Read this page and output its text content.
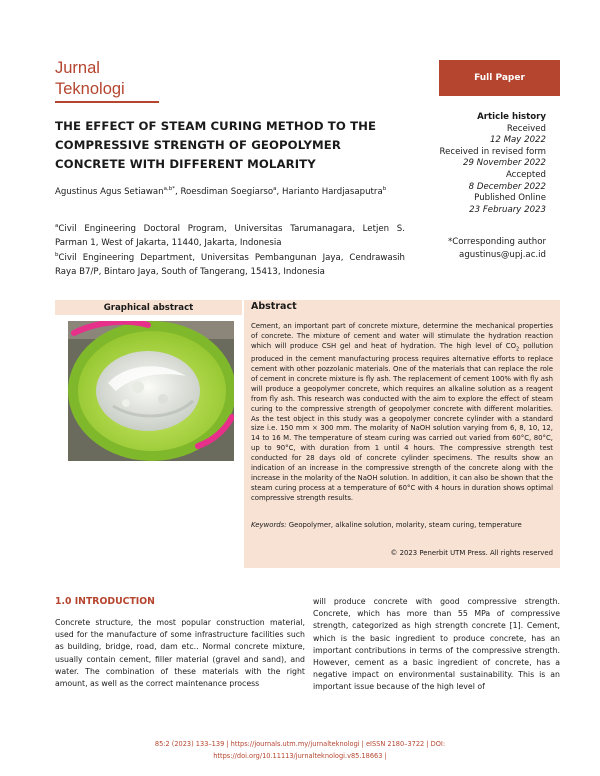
Jurnal
Teknologi
Full Paper
THE EFFECT OF STEAM CURING METHOD TO THE COMPRESSIVE STRENGTH OF GEOPOLYMER CONCRETE WITH DIFFERENT MOLARITY
Agustinus Agus Setiawan$^{a,b*}$, Roesdiman Soegiarso$^a$, Harianto Hardjasaputra$^b$

$^a$Civil Engineering Doctoral Program, Universitas Tarumanagara, Letjen S. Parman 1, West of Jakarta, 11440, Jakarta, Indonesia

$^b$Civil Engineering Department, Universitas Pembangunan Jaya, Cendrawasih Raya B7/P, Bintaro Jaya, South of Tangerang, 15413, Indonesia

Article history
Received
12 May 2022
Received in revised form
29 November 2022
Accepted
8 December 2022
Published Online
23 February 2023
*Corresponding author
agustinus@upj.ac.id
Graphical abstract	Abstract
Cement, an important part of concrete mixture, determine the mechanical properties of concrete. The mixture of cement and water will stimulate the hydration reaction which will produce CSH gel and heat of hydration. The high level of $CO_2$ pollution produced in the cement manufacturing process requires alternative efforts to replace cement with other pozzolanic materials. One of the materials that can replace the role of cement in concrete mixture is fly ash. The replacement of cement 100% with fly ash will produce a geopolymer concrete, which requires an alkaline solution as a reagent from fly ash. This research was conducted with the aim to explore the effect of steam curing to the compressive strength of geopolymer concrete with different molarities. As the test object in this study was a geopolymer concrete cylinder with a standard size i.e. 150 mm × 300 mm. The molarity of NaOH solution varying from 6, 8, 10, 12, 14 to 16 M. The temperature of steam curing was carried out varied from 60°C, 80°C, up to 90°C, with duration from 1 until 4 hours. The compressive strength test conducted for 28 days old of concrete cylinder specimens. The results show an indication of an increase in the compressive strength of the concrete along with the increase in the molarity of the NaOH solution. In addition, it can also be shown that the steam curing process at a temperature of 60°C with 4 hours in duration shows optimal compressive strength results.
Keywords: Geopolymer, alkaline solution, molarity, steam curing, temperature
© 2023 Penerbit UTM Press. All rights reserved
1.0 INTRODUCTION
Concrete structure, the most popular construction material, used for the manufacture of some infrastructure facilities such as building, bridge, road, dam etc.. Normal concrete mixture, usually contain cement, filler material (gravel and sand), and water. The combination of these materials with the right amount, as well as the correct maintenance process
will produce concrete with good compressive strength. Concrete, which has more than 55 MPa of compressive strength, categorized as high strength concrete [1]. Cement, which is the basic ingredient to produce concrete, has an important contributions in terms of the compressive strength. However, cement as a basic ingredient of concrete, has a negative impact on environmental sustainability. This is an important issue because of the high level of
85:2 (2023) 133–139 | https://journals.utm.my/jurnalteknologi | eISSN 2180–3722 | DOI:
https://doi.org/10.11113/jurnalteknologi.v85.18663 |
